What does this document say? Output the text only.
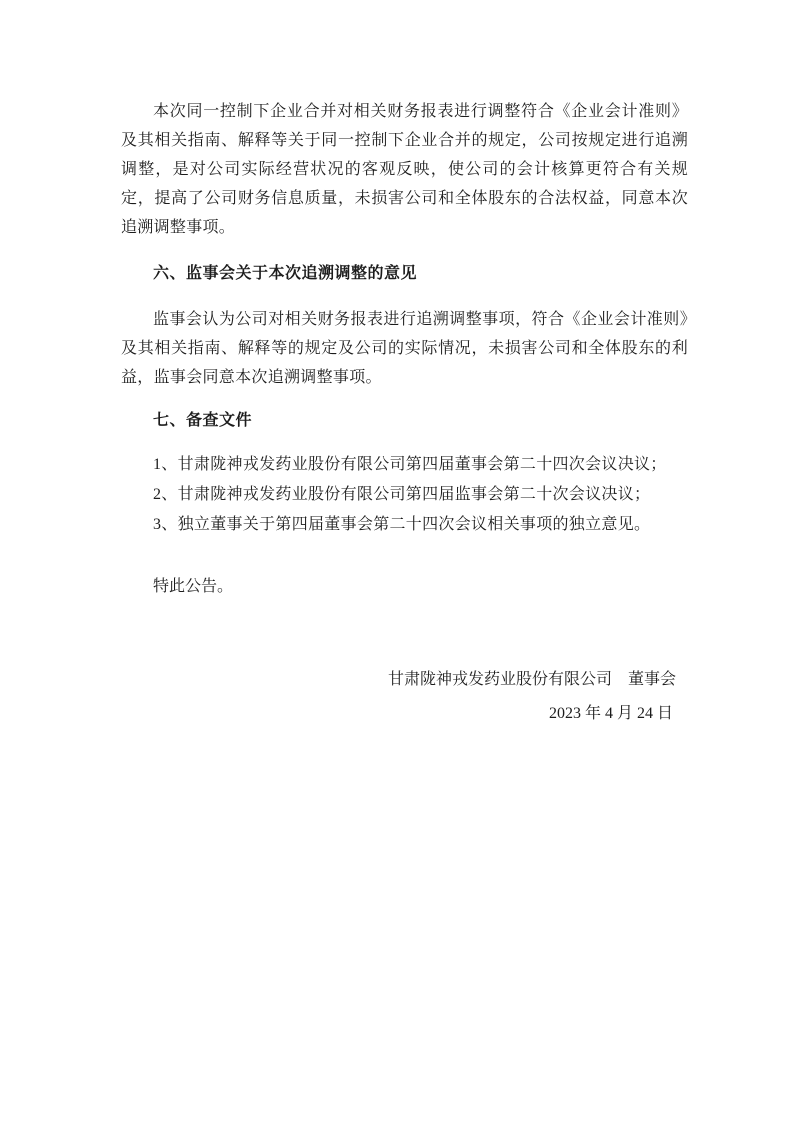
本次同一控制下企业合并对相关财务报表进行调整符合《企业会计准则》及其相关指南、解释等关于同一控制下企业合并的规定，公司按规定进行追溯调整，是对公司实际经营状况的客观反映，使公司的会计核算更符合有关规定，提高了公司财务信息质量，未损害公司和全体股东的合法权益，同意本次追溯调整事项。

六、监事会关于本次追溯调整的意见

监事会认为公司对相关财务报表进行追溯调整事项，符合《企业会计准则》及其相关指南、解释等的规定及公司的实际情况，未损害公司和全体股东的利益，监事会同意本次追溯调整事项。

七、备查文件

1、甘肃陇神戎发药业股份有限公司第四届董事会第二十四次会议决议；

2、甘肃陇神戎发药业股份有限公司第四届监事会第二十次会议决议；

3、独立董事关于第四届董事会第二十四次会议相关事项的独立意见。

特此公告。

甘肃陇神戎发药业股份有限公司　董事会

2023 年 4 月 24 日
